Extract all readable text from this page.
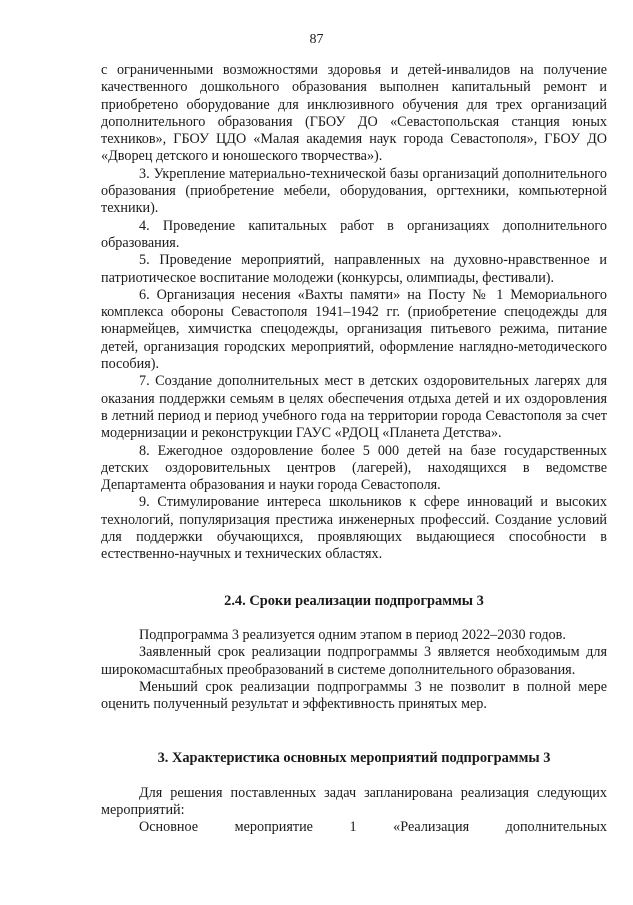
87

с ограниченными возможностями здоровья и детей-инвалидов на получение качественного дошкольного образования выполнен капитальный ремонт и приобретено оборудование для инклюзивного обучения для трех организаций дополнительного образования (ГБОУ ДО «Севастопольская станция юных техников», ГБОУ ЦДО «Малая академия наук города Севастополя», ГБОУ ДО «Дворец детского и юношеского творчества»).

3. Укрепление материально-технической базы организаций дополнительного образования (приобретение мебели, оборудования, оргтехники, компьютерной техники).

4. Проведение капитальных работ в организациях дополнительного образования.

5. Проведение мероприятий, направленных на духовно-нравственное и патриотическое воспитание молодежи (конкурсы, олимпиады, фестивали).

6. Организация несения «Вахты памяти» на Посту № 1 Мемориального комплекса обороны Севастополя 1941–1942 гг. (приобретение спецодежды для юнармейцев, химчистка спецодежды, организация питьевого режима, питание детей, организация городских мероприятий, оформление наглядно-методического пособия).

7. Создание дополнительных мест в детских оздоровительных лагерях для оказания поддержки семьям в целях обеспечения отдыха детей и их оздоровления в летний период и период учебного года на территории города Севастополя за счет модернизации и реконструкции ГАУС «РДОЦ «Планета Детства».

8. Ежегодное оздоровление более 5 000 детей на базе государственных детских оздоровительных центров (лагерей), находящихся в ведомстве Департамента образования и науки города Севастополя.

9. Стимулирование интереса школьников к сфере инноваций и высоких технологий, популяризация престижа инженерных профессий. Создание условий для поддержки обучающихся, проявляющих выдающиеся способности в естественно-научных и технических областях.

2.4. Сроки реализации подпрограммы 3

Подпрограмма 3 реализуется одним этапом в период 2022–2030 годов.

Заявленный срок реализации подпрограммы 3 является необходимым для широкомасштабных преобразований в системе дополнительного образования.

Меньший срок реализации подпрограммы 3 не позволит в полной мере оценить полученный результат и эффективность принятых мер.

3. Характеристика основных мероприятий подпрограммы 3

Для решения поставленных задач запланирована реализация следующих мероприятий:

Основное	мероприятие	1	«Реализация	дополнительных
